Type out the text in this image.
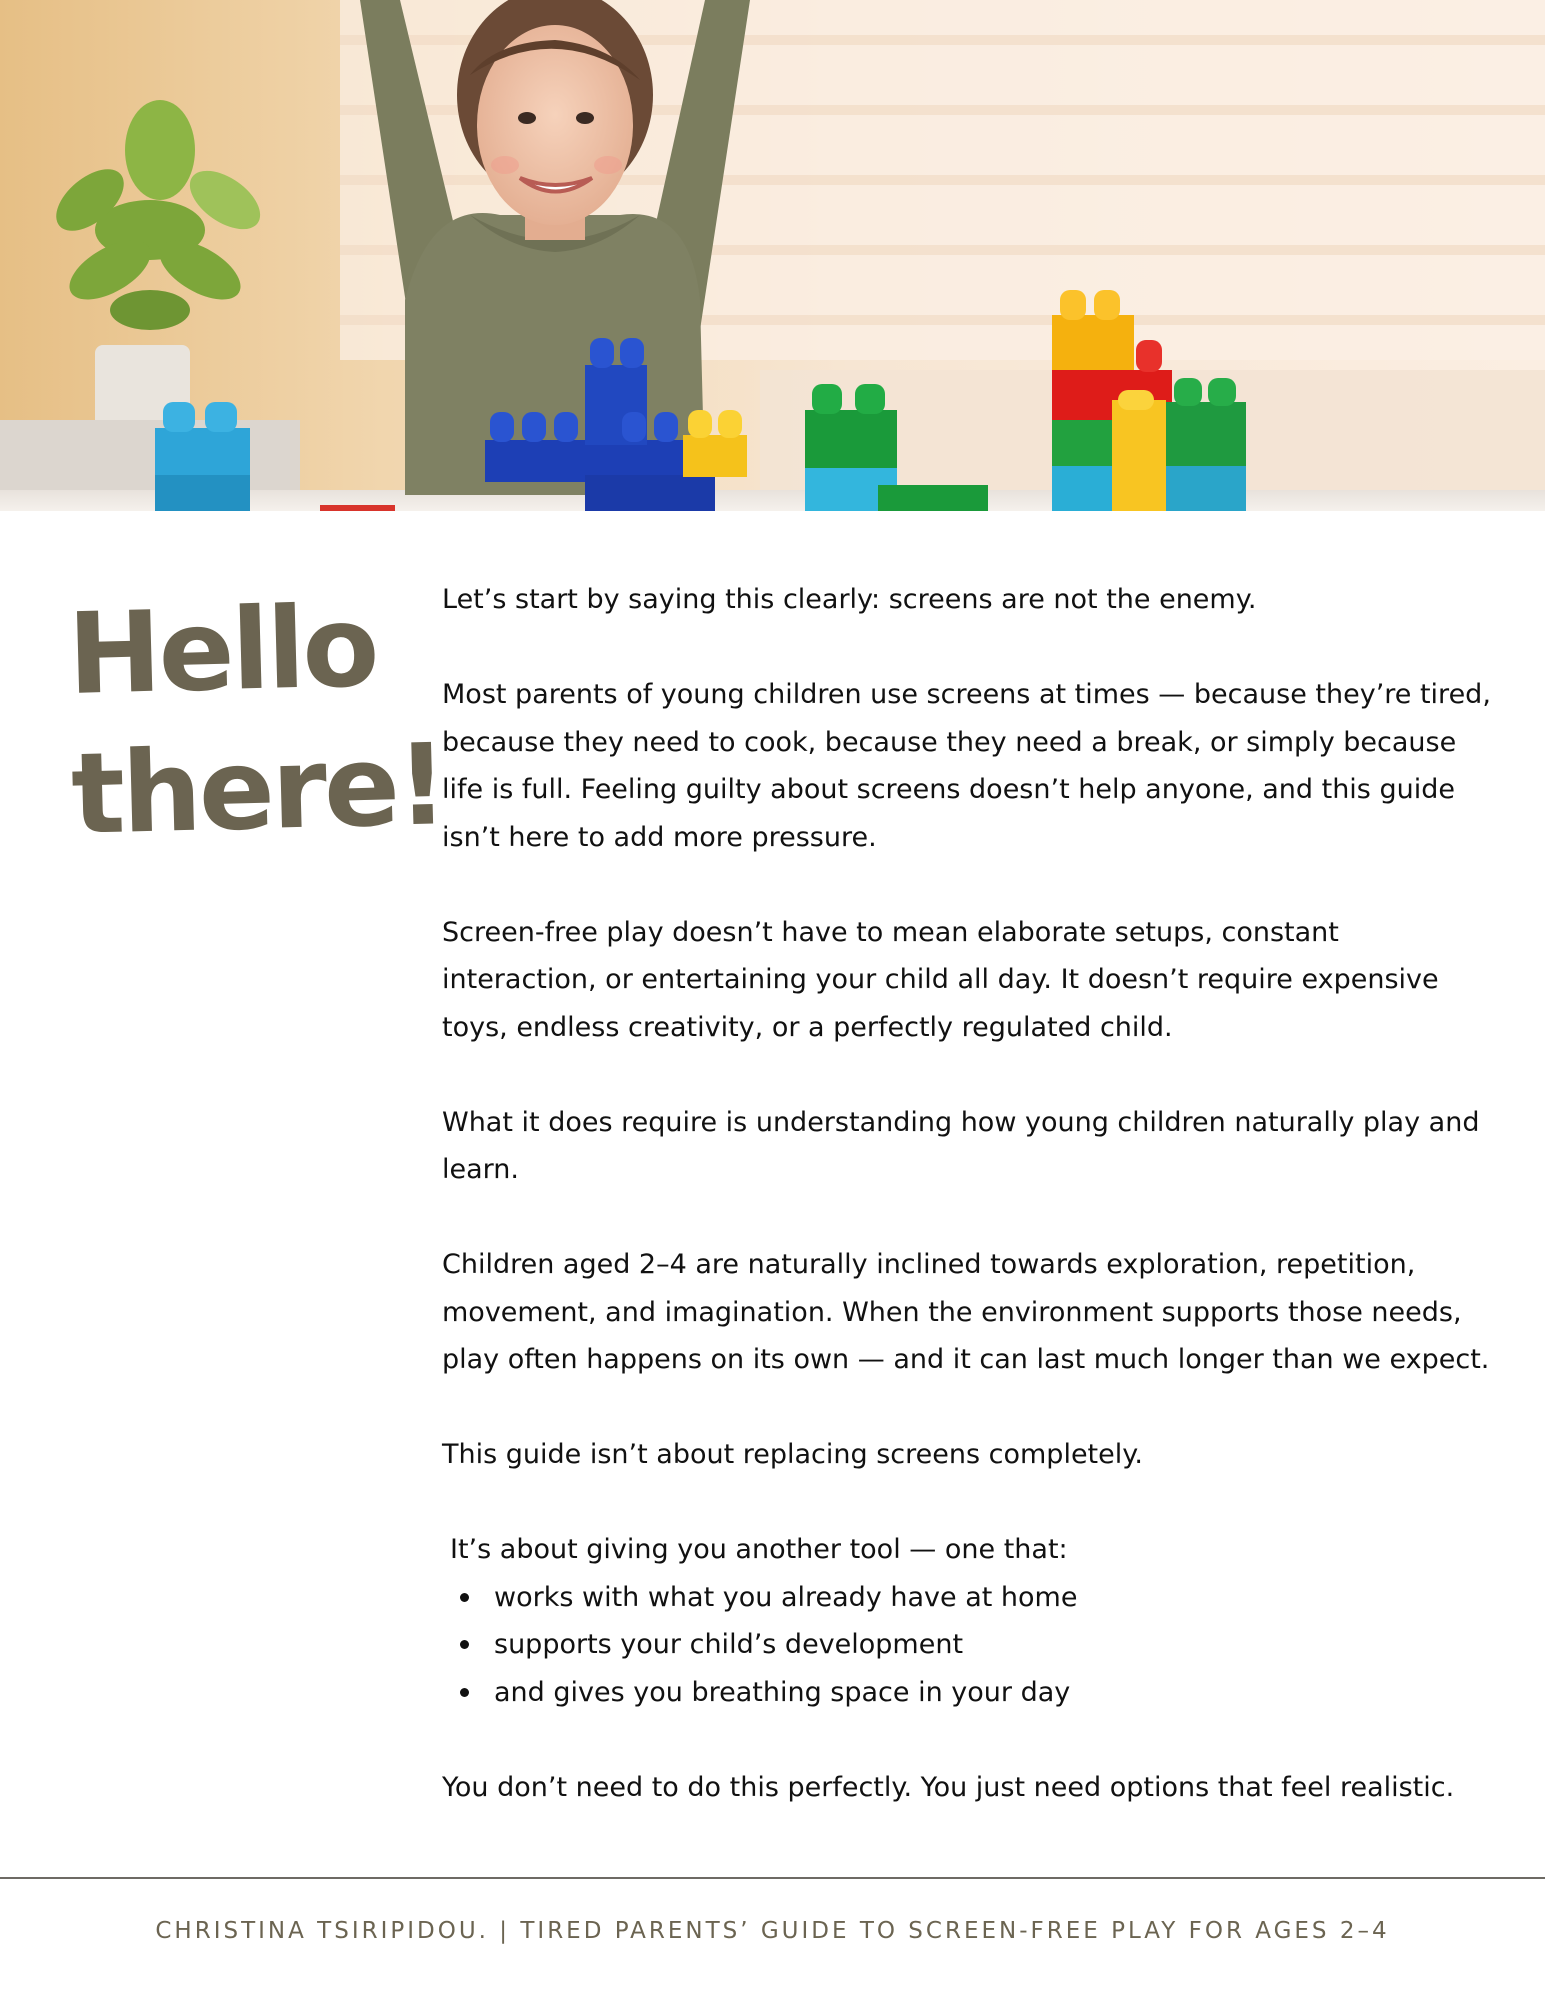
Hello
there!

Let’s start by saying this clearly: screens are not the enemy.

Most parents of young children use screens at times — because they’re tired, because they need to cook, because they need a break, or simply because life is full. Feeling guilty about screens doesn’t help anyone, and this guide isn’t here to add more pressure.

Screen-free play doesn’t have to mean elaborate setups, constant interaction, or entertaining your child all day. It doesn’t require expensive toys, endless creativity, or a perfectly regulated child.

What it does require is understanding how young children naturally play and learn.

Children aged 2–4 are naturally inclined towards exploration, repetition, movement, and imagination. When the environment supports those needs, play often happens on its own — and it can last much longer than we expect.

This guide isn’t about replacing screens completely.

It’s about giving you another tool — one that:

works with what you already have at home
supports your child’s development
and gives you breathing space in your day

You don’t need to do this perfectly. You just need options that feel realistic.

CHRISTINA TSIRIPIDOU. | TIRED PARENTS’ GUIDE TO SCREEN-FREE PLAY FOR AGES 2–4
